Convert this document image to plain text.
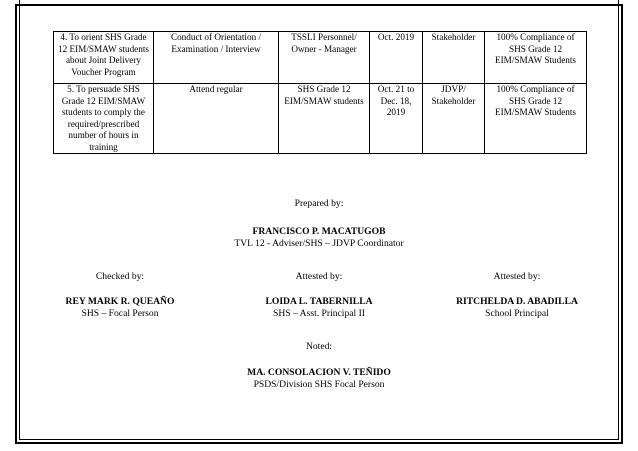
4. To orient SHS Grade 12 EIM/SMAW students about Joint Delivery Voucher Program	Conduct of Orientation / Examination / Interview	TSSLI Personnel/ Owner - Manager	Oct. 2019	Stakeholder	100% Compliance of SHS Grade 12 EIM/SMAW Students
5. To persuade SHS Grade 12 EIM/SMAW students to comply the required/prescribed number of hours in training	Attend regular	SHS Grade 12 EIM/SMAW students	Oct. 21 to Dec. 18, 2019	JDVP/ Stakeholder	100% Compliance of SHS Grade 12 EIM/SMAW Students
Prepared by:
FRANCISCO P. MACATUGOB
TVL 12 - Adviser/SHS – JDVP Coordinator
Checked by:
REY MARK R. QUEAÑO
SHS – Focal Person
Attested by:
LOIDA L. TABERNILLA
SHS – Asst. Principal II
Attested by:
RITCHELDA D. ABADILLA
School Principal
Noted:
MA. CONSOLACION V. TEÑIDO
PSDS/Division SHS Focal Person
